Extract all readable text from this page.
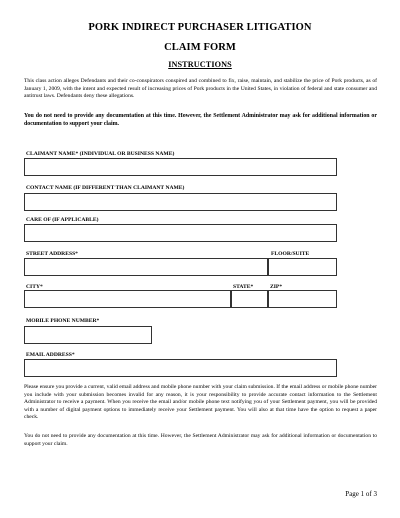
PORK INDIRECT PURCHASER LITIGATION
CLAIM FORM
INSTRUCTIONS
This class action alleges Defendants and their co-conspirators conspired and combined to fix, raise, maintain, and stabilize the price of Pork products, as of January 1, 2009, with the intent and expected result of increasing prices of Pork products in the United States, in violation of federal and state consumer and antitrust laws. Defendants deny these allegations.
You do not need to provide any documentation at this time. However, the Settlement Administrator may ask for additional information or documentation to support your claim.
CLAIMANT NAME* (INDIVIDUAL OR BUSINESS NAME)
CONTACT NAME (IF DIFFERENT THAN CLAIMANT NAME)
CARE OF (IF APPLICABLE)
STREET ADDRESS*	FLOOR/SUITE
CITY*	STATE*	ZIP*
MOBILE PHONE NUMBER*
EMAIL ADDRESS*
Please ensure you provide a current, valid email address and mobile phone number with your claim submission. If the email address or mobile phone number you include with your submission becomes invalid for any reason, it is your responsibility to provide accurate contact information to the Settlement Administrator to receive a payment. When you receive the email and/or mobile phone text notifying you of your Settlement payment, you will be provided with a number of digital payment options to immediately receive your Settlement payment. You will also at that time have the option to request a paper check.
You do not need to provide any documentation at this time. However, the Settlement Administrator may ask for additional information or documentation to support your claim.
Page 1 of 3
